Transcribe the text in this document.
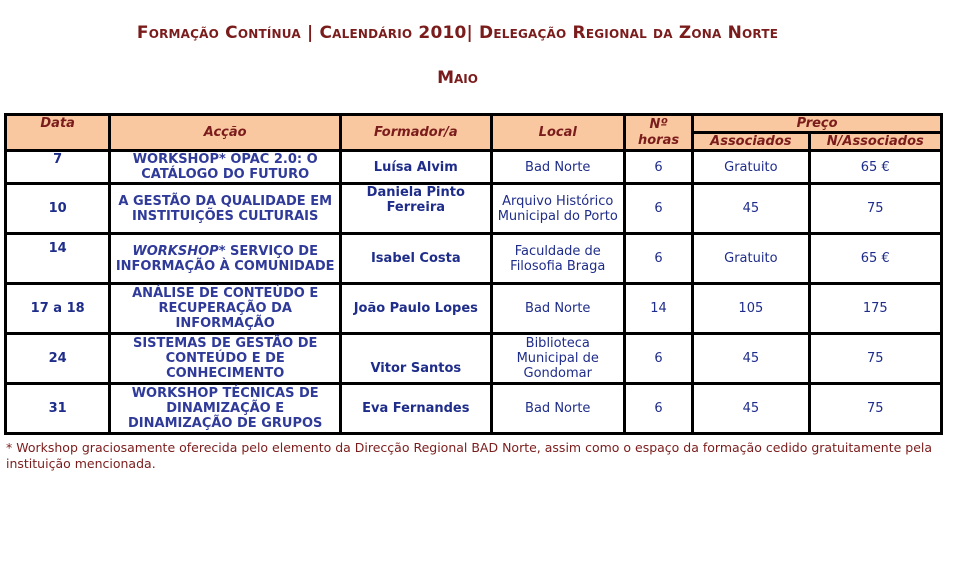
Formação Contínua | Calendário 2010| Delegação Regional da Zona Norte
Maio
Data	Acção	Formador/a	Local	Nº horas	Preço	
					Associados	N/Associados
7	WORKSHOP* OPAC 2.0: O CATÁLOGO DO FUTURO	Luísa Alvim	Bad Norte	6	Gratuito	65 €
10	A GESTÃO DA QUALIDADE EM INSTITUIÇÕES CULTURAIS	Daniela Pinto Ferreira	Arquivo Histórico Municipal do Porto	6	45	75
14	WORKSHOP* SERVIÇO DE INFORMAÇÃO À COMUNIDADE	Isabel Costa	Faculdade de Filosofia Braga	6	Gratuito	65 €
17 a 18	ANÁLISE DE CONTEÚDO E RECUPERAÇÃO DA INFORMAÇÃO	João Paulo Lopes	Bad Norte	14	105	175
24	SISTEMAS DE GESTÃO DE CONTEÚDO E DE CONHECIMENTO	Vitor Santos	Biblioteca Municipal de Gondomar	6	45	75
31	WORKSHOP TÉCNICAS DE DINAMIZAÇÃO E DINAMIZAÇÃO DE GRUPOS	Eva Fernandes	Bad Norte	6	45	75
* Workshop graciosamente oferecida pelo elemento da Direcção Regional BAD Norte, assim como o espaço da formação cedido gratuitamente pela instituição mencionada.
